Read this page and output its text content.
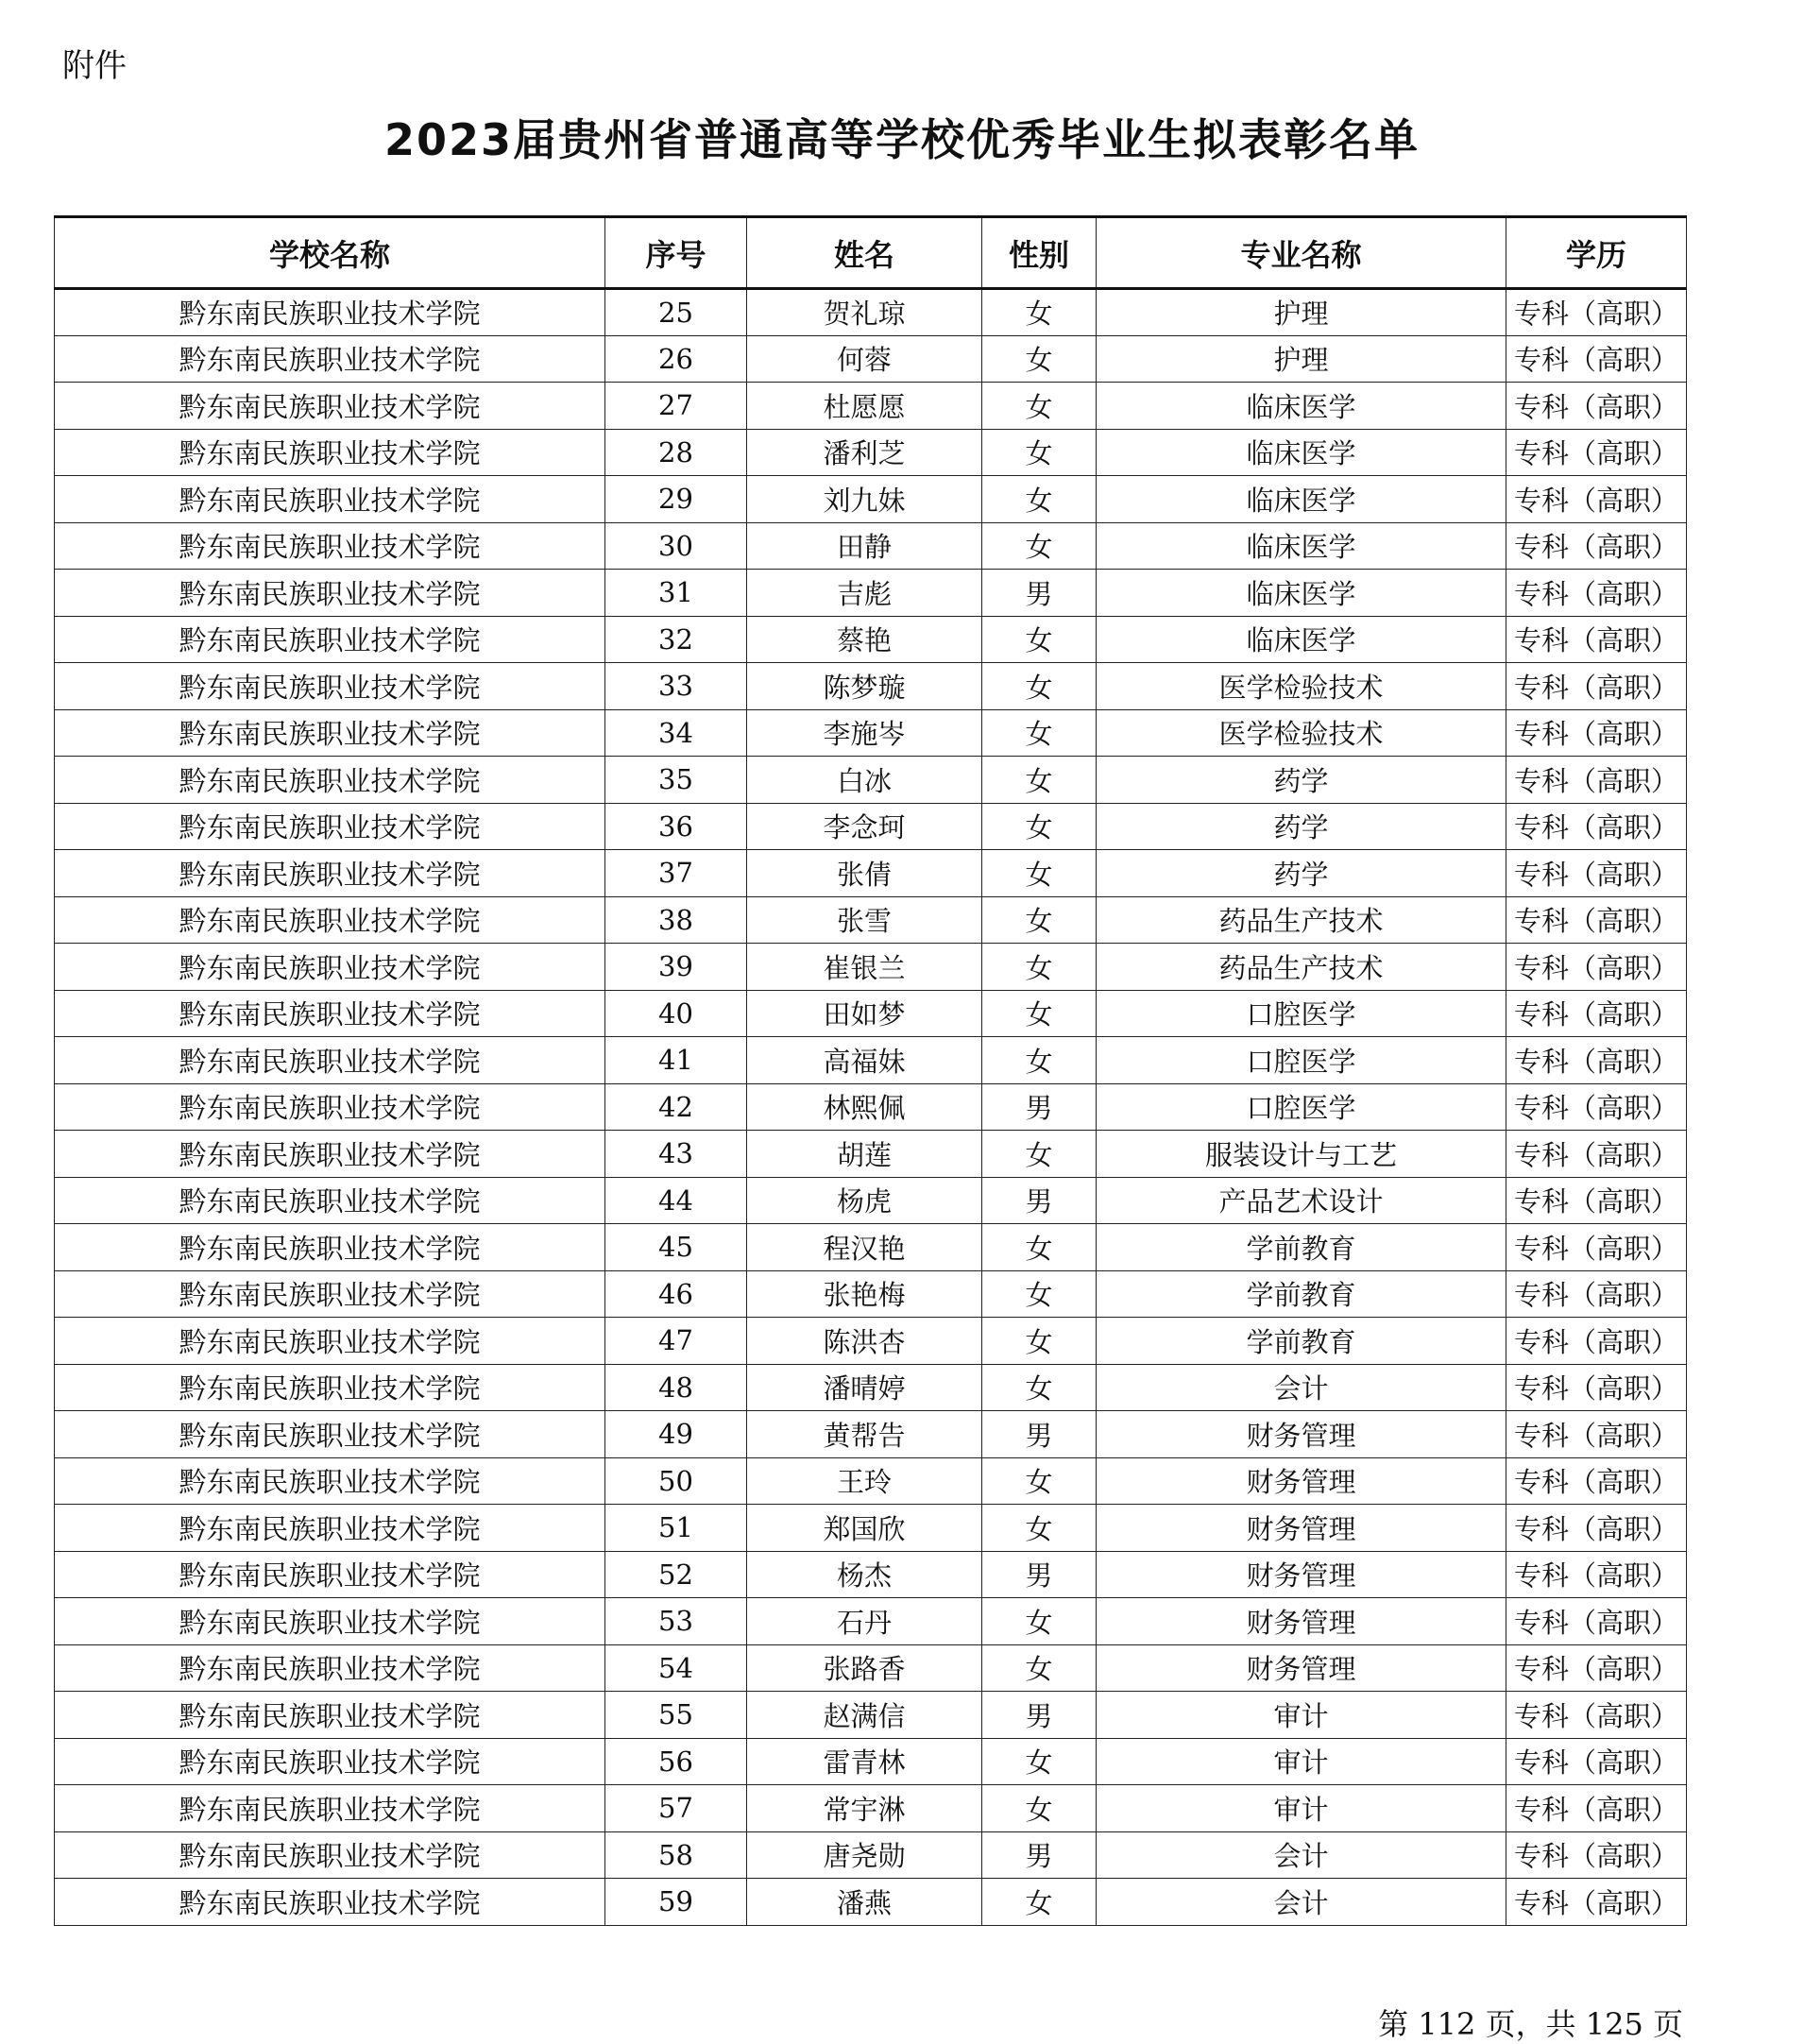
附件
2023届贵州省普通高等学校优秀毕业生拟表彰名单
学校名称	序号	姓名	性别	专业名称	学历
黔东南民族职业技术学院	25	贺礼琼	女	护理	专科（高职）
黔东南民族职业技术学院	26	何蓉	女	护理	专科（高职）
黔东南民族职业技术学院	27	杜愿愿	女	临床医学	专科（高职）
黔东南民族职业技术学院	28	潘利芝	女	临床医学	专科（高职）
黔东南民族职业技术学院	29	刘九妹	女	临床医学	专科（高职）
黔东南民族职业技术学院	30	田静	女	临床医学	专科（高职）
黔东南民族职业技术学院	31	吉彪	男	临床医学	专科（高职）
黔东南民族职业技术学院	32	蔡艳	女	临床医学	专科（高职）
黔东南民族职业技术学院	33	陈梦璇	女	医学检验技术	专科（高职）
黔东南民族职业技术学院	34	李施岑	女	医学检验技术	专科（高职）
黔东南民族职业技术学院	35	白冰	女	药学	专科（高职）
黔东南民族职业技术学院	36	李念珂	女	药学	专科（高职）
黔东南民族职业技术学院	37	张倩	女	药学	专科（高职）
黔东南民族职业技术学院	38	张雪	女	药品生产技术	专科（高职）
黔东南民族职业技术学院	39	崔银兰	女	药品生产技术	专科（高职）
黔东南民族职业技术学院	40	田如梦	女	口腔医学	专科（高职）
黔东南民族职业技术学院	41	高福妹	女	口腔医学	专科（高职）
黔东南民族职业技术学院	42	林熙佩	男	口腔医学	专科（高职）
黔东南民族职业技术学院	43	胡莲	女	服装设计与工艺	专科（高职）
黔东南民族职业技术学院	44	杨虎	男	产品艺术设计	专科（高职）
黔东南民族职业技术学院	45	程汉艳	女	学前教育	专科（高职）
黔东南民族职业技术学院	46	张艳梅	女	学前教育	专科（高职）
黔东南民族职业技术学院	47	陈洪杏	女	学前教育	专科（高职）
黔东南民族职业技术学院	48	潘晴婷	女	会计	专科（高职）
黔东南民族职业技术学院	49	黄帮告	男	财务管理	专科（高职）
黔东南民族职业技术学院	50	王玲	女	财务管理	专科（高职）
黔东南民族职业技术学院	51	郑国欣	女	财务管理	专科（高职）
黔东南民族职业技术学院	52	杨杰	男	财务管理	专科（高职）
黔东南民族职业技术学院	53	石丹	女	财务管理	专科（高职）
黔东南民族职业技术学院	54	张路香	女	财务管理	专科（高职）
黔东南民族职业技术学院	55	赵满信	男	审计	专科（高职）
黔东南民族职业技术学院	56	雷青林	女	审计	专科（高职）
黔东南民族职业技术学院	57	常宇淋	女	审计	专科（高职）
黔东南民族职业技术学院	58	唐尧勋	男	会计	专科（高职）
黔东南民族职业技术学院	59	潘燕	女	会计	专科（高职）
第 112 页，共 125 页
